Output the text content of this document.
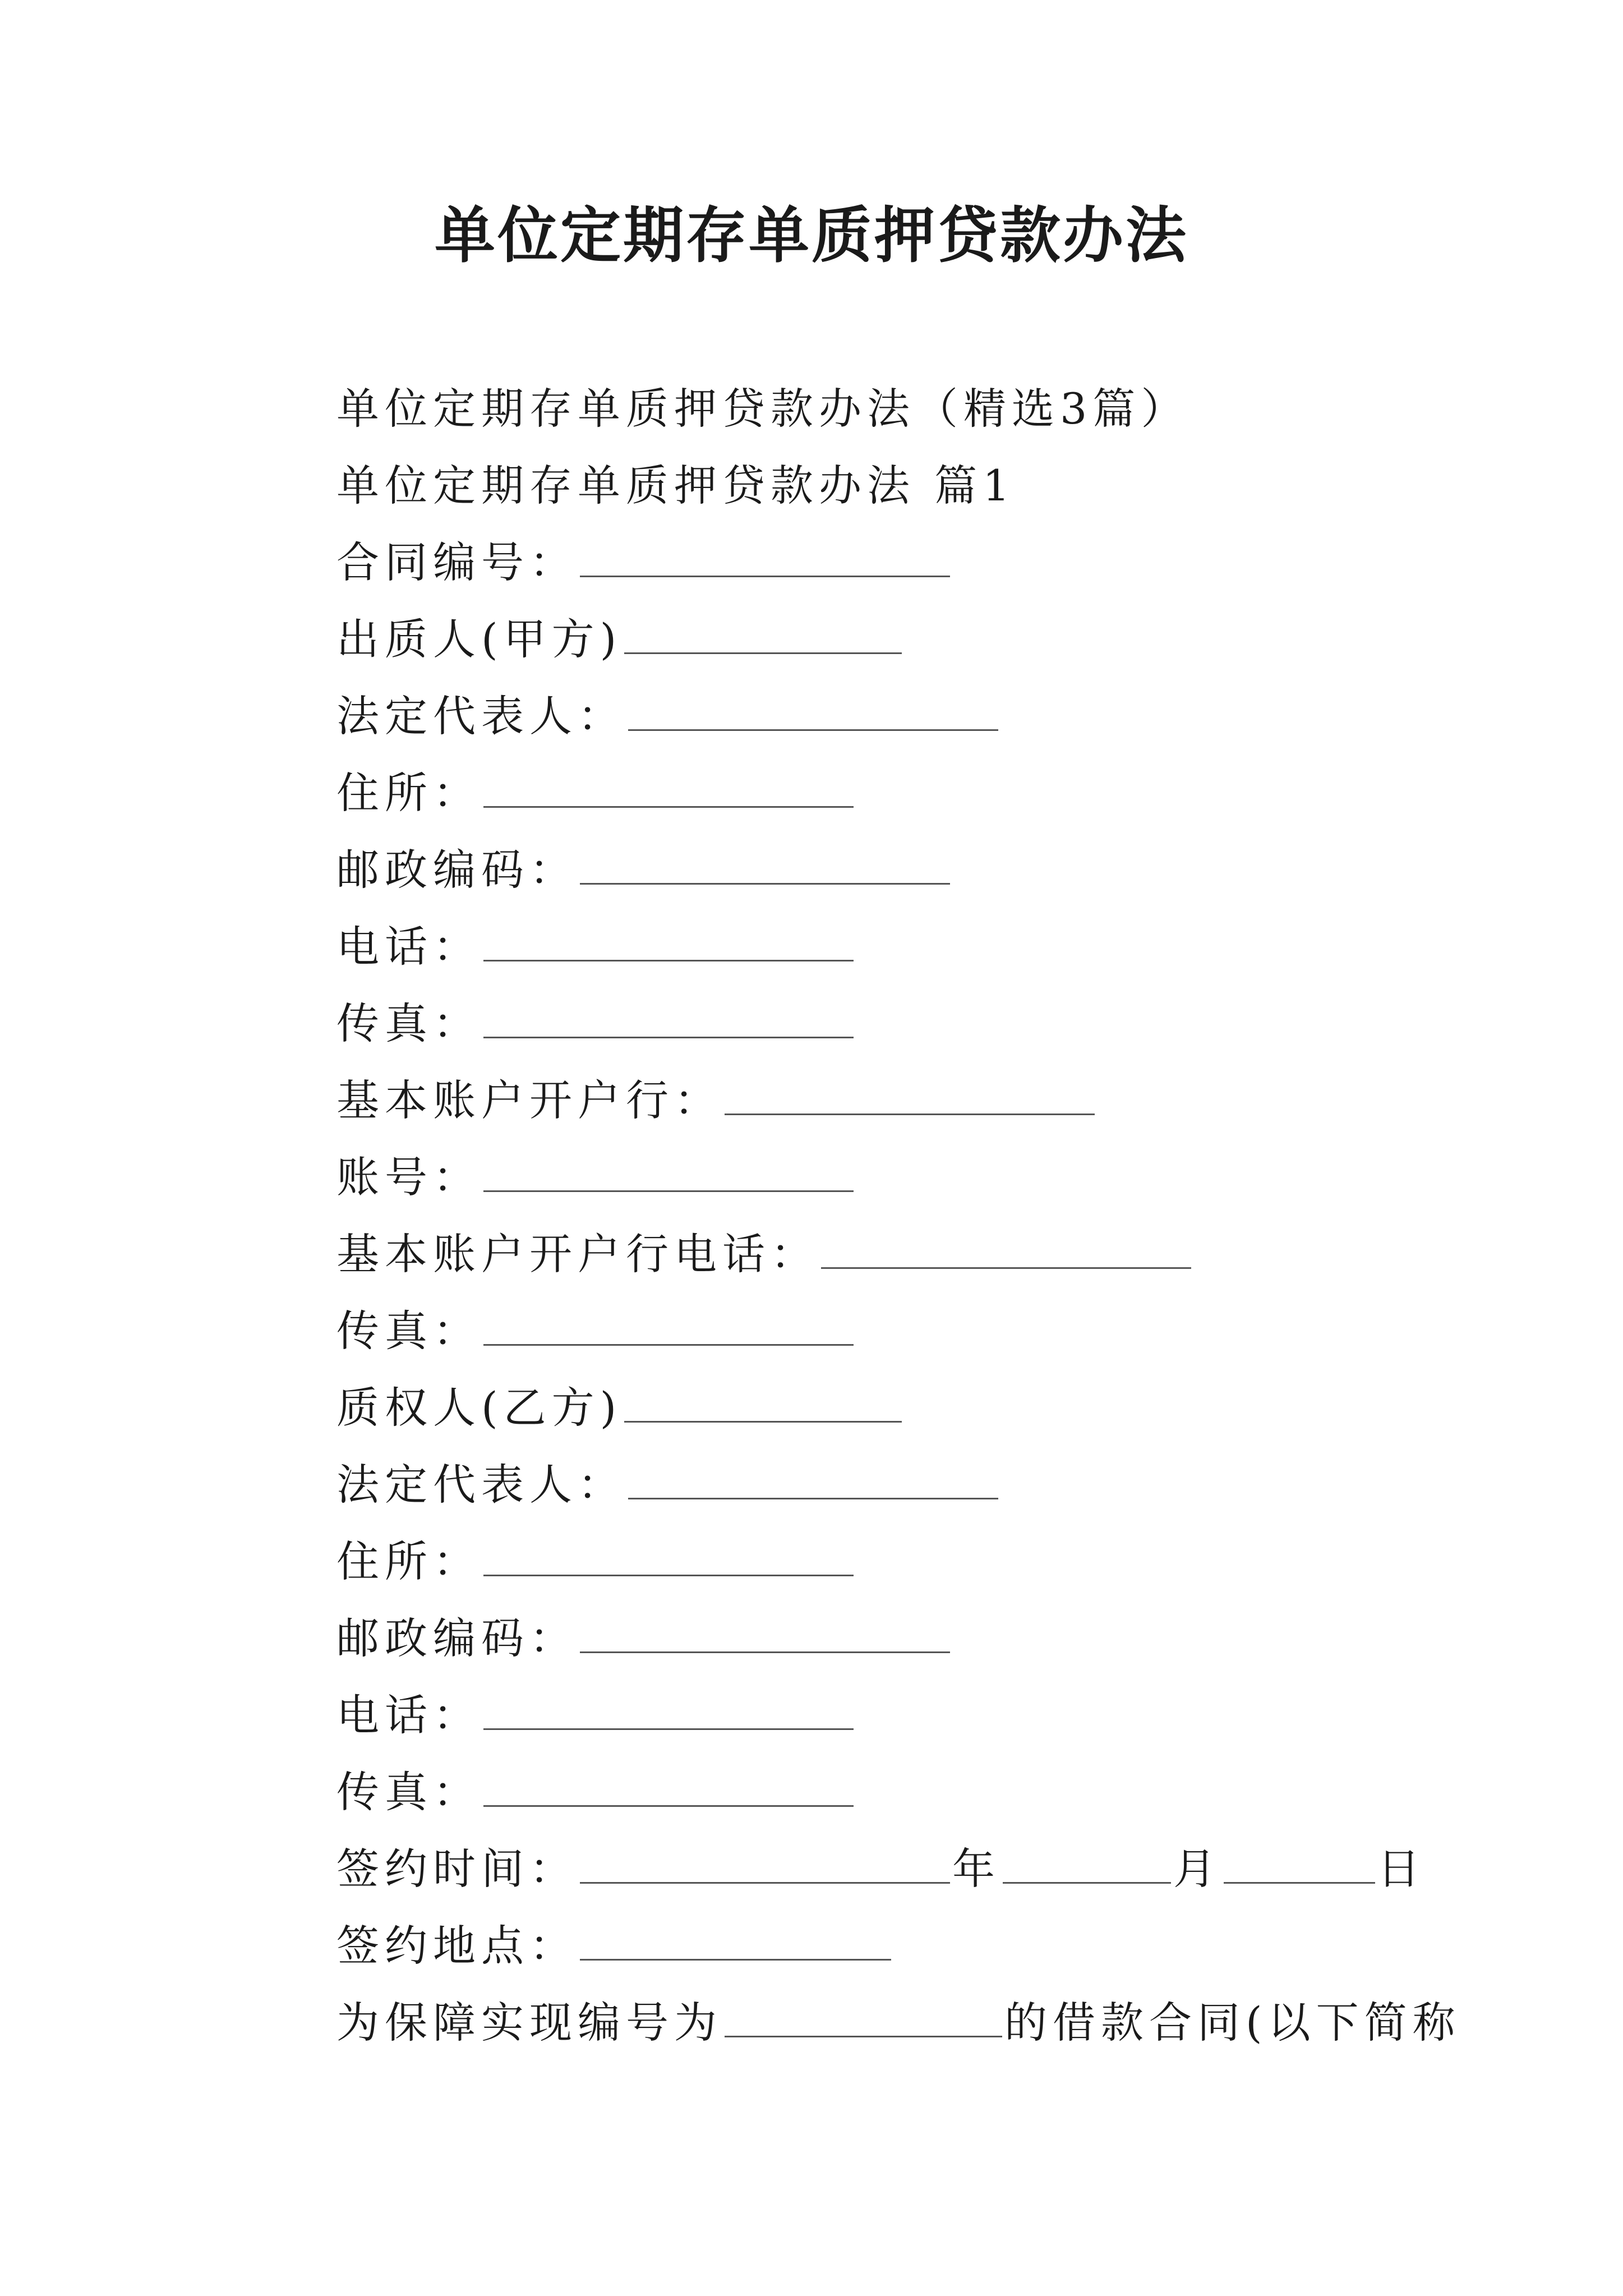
单位定期存单质押贷款办法
单位定期存单质押贷款办法（精选3篇）
单位定期存单质押贷款办法 篇1
合同编号：
出质人(甲方)
法定代表人：
住所：
邮政编码：
电话：
传真：
基本账户开户行：
账号：
基本账户开户行电话：
传真：
质权人(乙方)
法定代表人：
住所：
邮政编码：
电话：
传真：
签约时间：	年	月	日
签约地点：
为保障实现编号为	的借款合同(以下简称
